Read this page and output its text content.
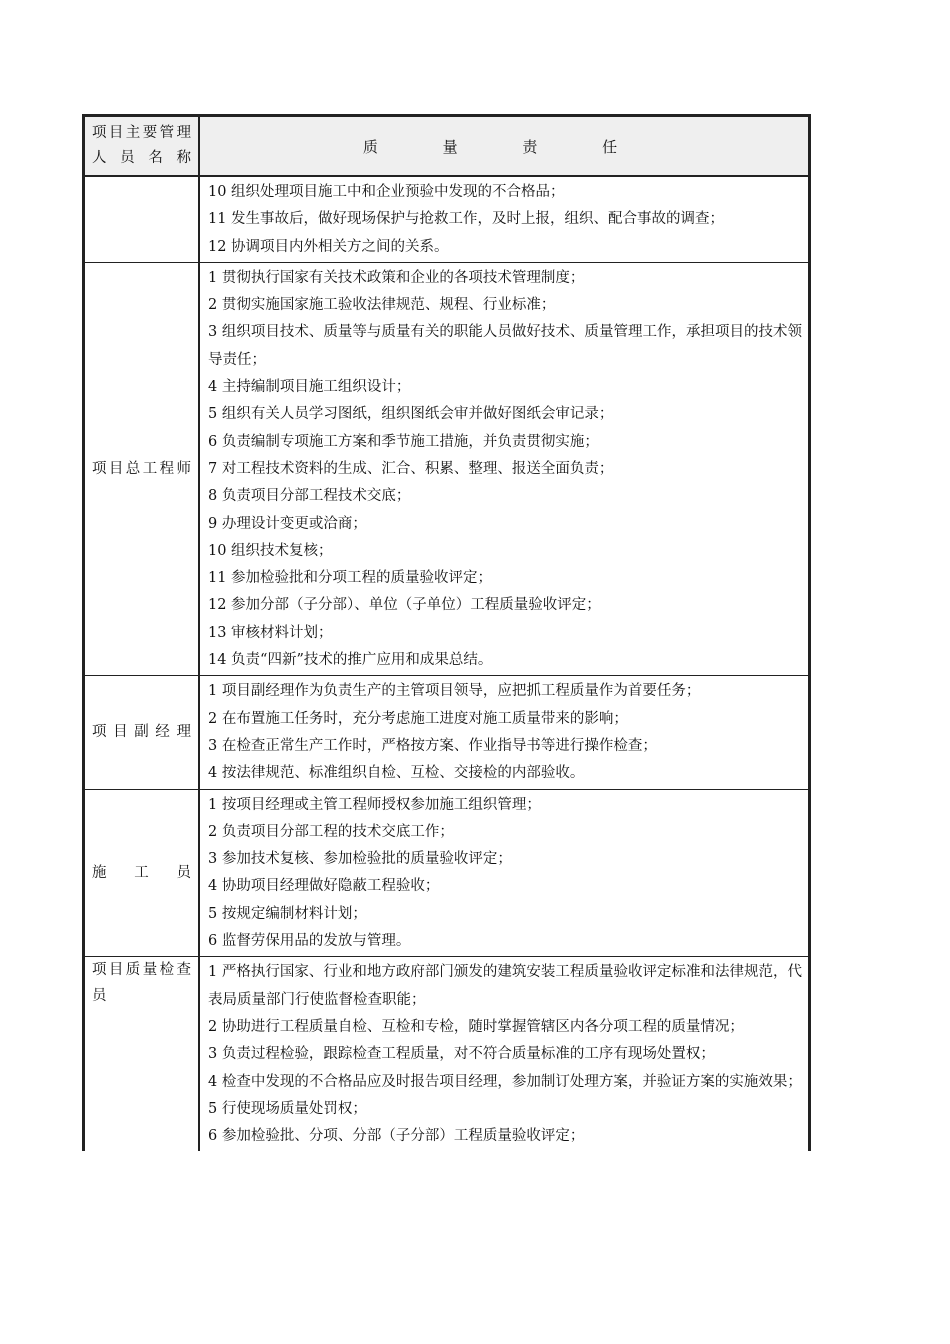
项目主要管理人员名称
质 量 责 任
10 组织处理项目施工中和企业预验中发现的不合格品；
11 发生事故后，做好现场保护与抢救工作，及时上报，组织、配合事故的调查；
12 协调项目内外相关方之间的关系。
项目总工程师
1 贯彻执行国家有关技术政策和企业的各项技术管理制度；
2 贯彻实施国家施工验收法律规范、规程、行业标准；
3 组织项目技术、质量等与质量有关的职能人员做好技术、质量管理工作，承担项目的技术领导责任；
4 主持编制项目施工组织设计；
5 组织有关人员学习图纸，组织图纸会审并做好图纸会审记录；
6 负责编制专项施工方案和季节施工措施，并负责贯彻实施；
7 对工程技术资料的生成、汇合、积累、整理、报送全面负责；
8 负责项目分部工程技术交底；
9 办理设计变更或洽商；
10 组织技术复核；
11 参加检验批和分项工程的质量验收评定；
12 参加分部（子分部）、单位（子单位）工程质量验收评定；
13 审核材料计划；
14 负责“四新”技术的推广应用和成果总结。
项目副经理
1 项目副经理作为负责生产的主管项目领导，应把抓工程质量作为首要任务；
2 在布置施工任务时，充分考虑施工进度对施工质量带来的影响；
3 在检查正常生产工作时，严格按方案、作业指导书等进行操作检查；
4 按法律规范、标准组织自检、互检、交接检的内部验收。
施工员
1 按项目经理或主管工程师授权参加施工组织管理；
2 负责项目分部工程的技术交底工作；
3 参加技术复核、参加检验批的质量验收评定；
4 协助项目经理做好隐蔽工程验收；
5 按规定编制材料计划；
6 监督劳保用品的发放与管理。
项目质量检查员
1 严格执行国家、行业和地方政府部门颁发的建筑安装工程质量验收评定标准和法律规范，代表局质量部门行使监督检查职能；
2 协助进行工程质量自检、互检和专检，随时掌握管辖区内各分项工程的质量情况；
3 负责过程检验，跟踪检查工程质量，对不符合质量标准的工序有现场处置权；
4 检查中发现的不合格品应及时报告项目经理，参加制订处理方案，并验证方案的实施效果；
5 行使现场质量处罚权；
6 参加检验批、分项、分部（子分部）工程质量验收评定；
